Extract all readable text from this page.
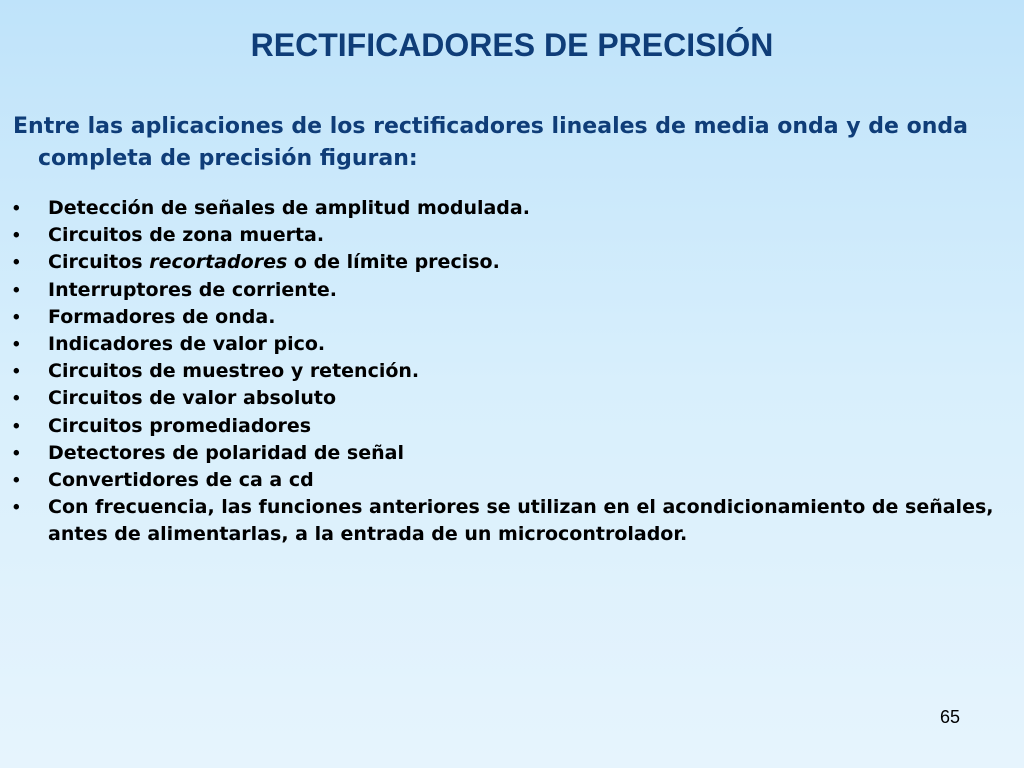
RECTIFICADORES DE PRECISIÓN

Entre las aplicaciones de los rectificadores lineales de media onda y de onda completa de precisión figuran:

• Detección de señales de amplitud modulada.
• Circuitos de zona muerta.
• Circuitos recortadores o de límite preciso.
• Interruptores de corriente.
• Formadores de onda.
• Indicadores de valor pico.
• Circuitos de muestreo y retención.
• Circuitos de valor absoluto
• Circuitos promediadores
• Detectores de polaridad de señal
• Convertidores de ca a cd
• Con frecuencia, las funciones anteriores se utilizan en el acondicionamiento de señales, antes de alimentarlas, a la entrada de un microcontrolador.
65
